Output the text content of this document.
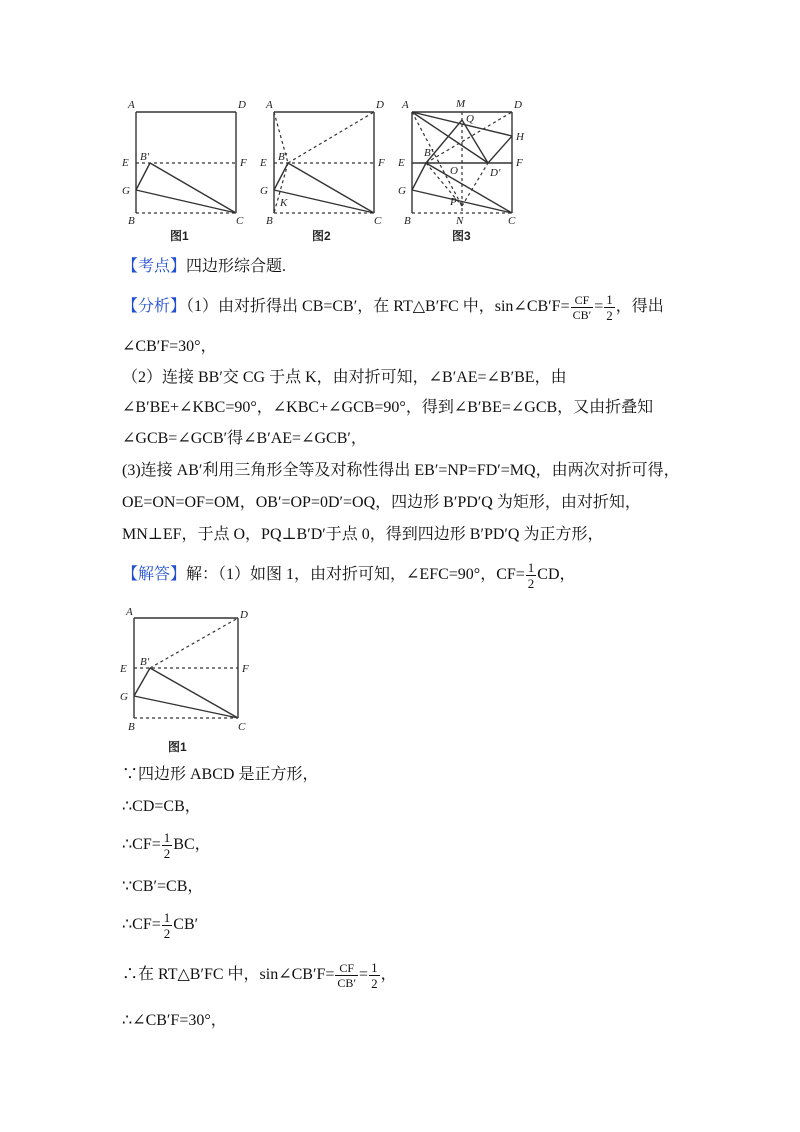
A	D
E	F
B′
G
B	C
图1
A	D
E	F
B′
G
K
B	C
图2
A	M	D
Q
H
E
B′
O
F
D′
G
P
B	N	C
图3
【考点】四边形综合题.
【分析】（1）由对折得出 CB=CB′，在 RT△B′FC 中，sin∠CB′F= $\frac{CF}{CB'} = \frac{1}{2}$ ，得出
∠CB′F=30°，
（2）连接 BB′交 CG 于点 K，由对折可知，∠B′AE=∠B′BE，由
∠B′BE+∠KBC=90°，∠KBC+∠GCB=90°，得到∠B′BE=∠GCB，又由折叠知
∠GCB=∠GCB′得∠B′AE=∠GCB′，
(3)连接 AB′利用三角形全等及对称性得出 EB′=NP=FD′=MQ，由两次对折可得，
OE=ON=OF=OM，OB′=OP=0D′=OQ，四边形 B′PD′Q 为矩形，由对折知，
MN⊥EF，于点 O，PQ⊥B′D′于点 0，得到四边形 B′PD′Q 为正方形，
【解答】解：（1）如图 1，由对折可知，∠EFC=90°，$CF= \frac{1}{2}$ CD，
A	D
E	F
B′
G
B	C
图1
∵四边形 ABCD 是正方形，
∴CD=CB，
∴CF= $\frac{1}{2}$ BC，
∵CB′=CB，
∴CF= $\frac{1}{2} CB'$
∴在 RT△B′FC 中，sin∠CB′F= $\frac{CF}{CB'} = \frac{1}{2}$ ，
∴∠CB′F=30°，
